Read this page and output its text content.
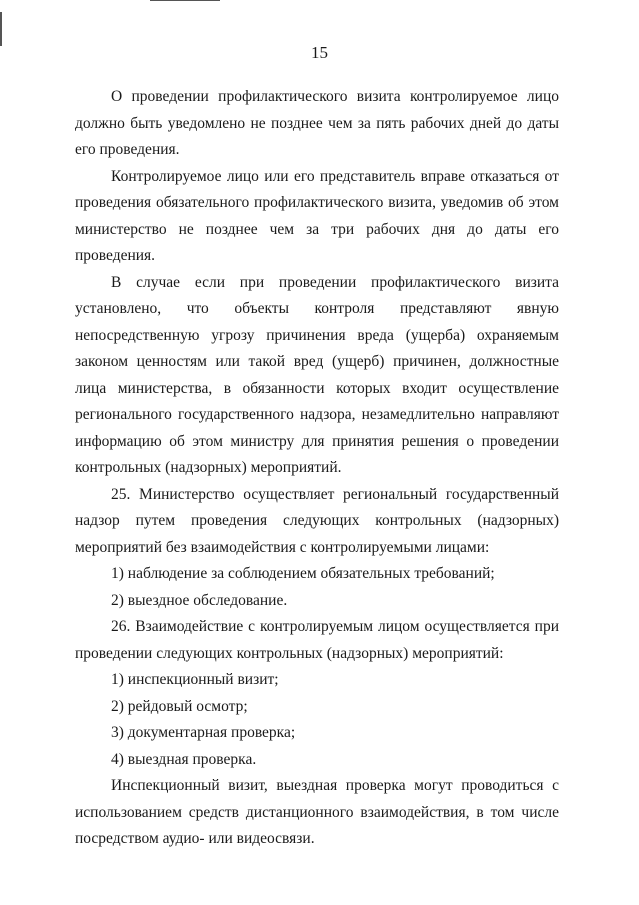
15

О проведении профилактического визита контролируемое лицо должно быть уведомлено не позднее чем за пять рабочих дней до даты его проведения.

Контролируемое лицо или его представитель вправе отказаться от проведения обязательного профилактического визита, уведомив об этом министерство не позднее чем за три рабочих дня до даты его проведения.

В случае если при проведении профилактического визита установлено, что объекты контроля представляют явную непосредственную угрозу причинения вреда (ущерба) охраняемым законом ценностям или такой вред (ущерб) причинен, должностные лица министерства, в обязанности которых входит осуществление регионального государственного надзора, незамедлительно направляют информацию об этом министру для принятия решения о проведении контрольных (надзорных) мероприятий.

25. Министерство осуществляет региональный государственный надзор путем проведения следующих контрольных (надзорных) мероприятий без взаимодействия с контролируемыми лицами:

1) наблюдение за соблюдением обязательных требований;

2) выездное обследование.

26. Взаимодействие с контролируемым лицом осуществляется при проведении следующих контрольных (надзорных) мероприятий:

1) инспекционный визит;

2) рейдовый осмотр;

3) документарная проверка;

4) выездная проверка.

Инспекционный визит, выездная проверка могут проводиться с использованием средств дистанционного взаимодействия, в том числе посредством аудио- или видеосвязи.
